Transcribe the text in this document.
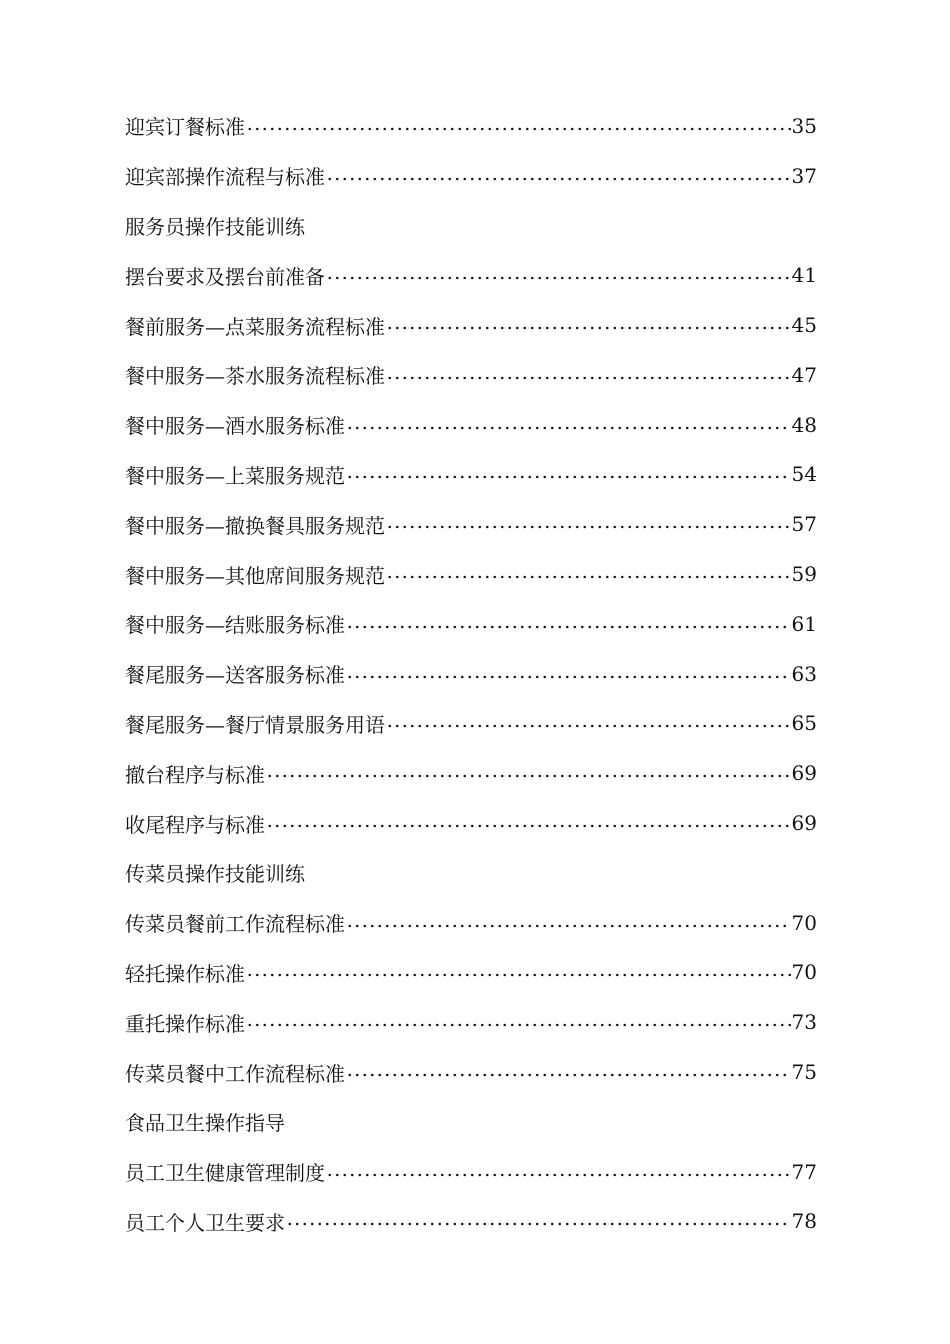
迎宾订餐标准	35
迎宾部操作流程与标准	37
服务员操作技能训练
摆台要求及摆台前准备	41
餐前服务—点菜服务流程标准	45
餐中服务—茶水服务流程标准	47
餐中服务—酒水服务标准	48
餐中服务—上菜服务规范	54
餐中服务—撤换餐具服务规范	57
餐中服务—其他席间服务规范	59
餐中服务—结账服务标准	61
餐尾服务—送客服务标准	63
餐尾服务—餐厅情景服务用语	65
撤台程序与标准	69
收尾程序与标准	69
传菜员操作技能训练
传菜员餐前工作流程标准	70
轻托操作标准	70
重托操作标准	73
传菜员餐中工作流程标准	75
食品卫生操作指导
员工卫生健康管理制度	77
员工个人卫生要求	78
